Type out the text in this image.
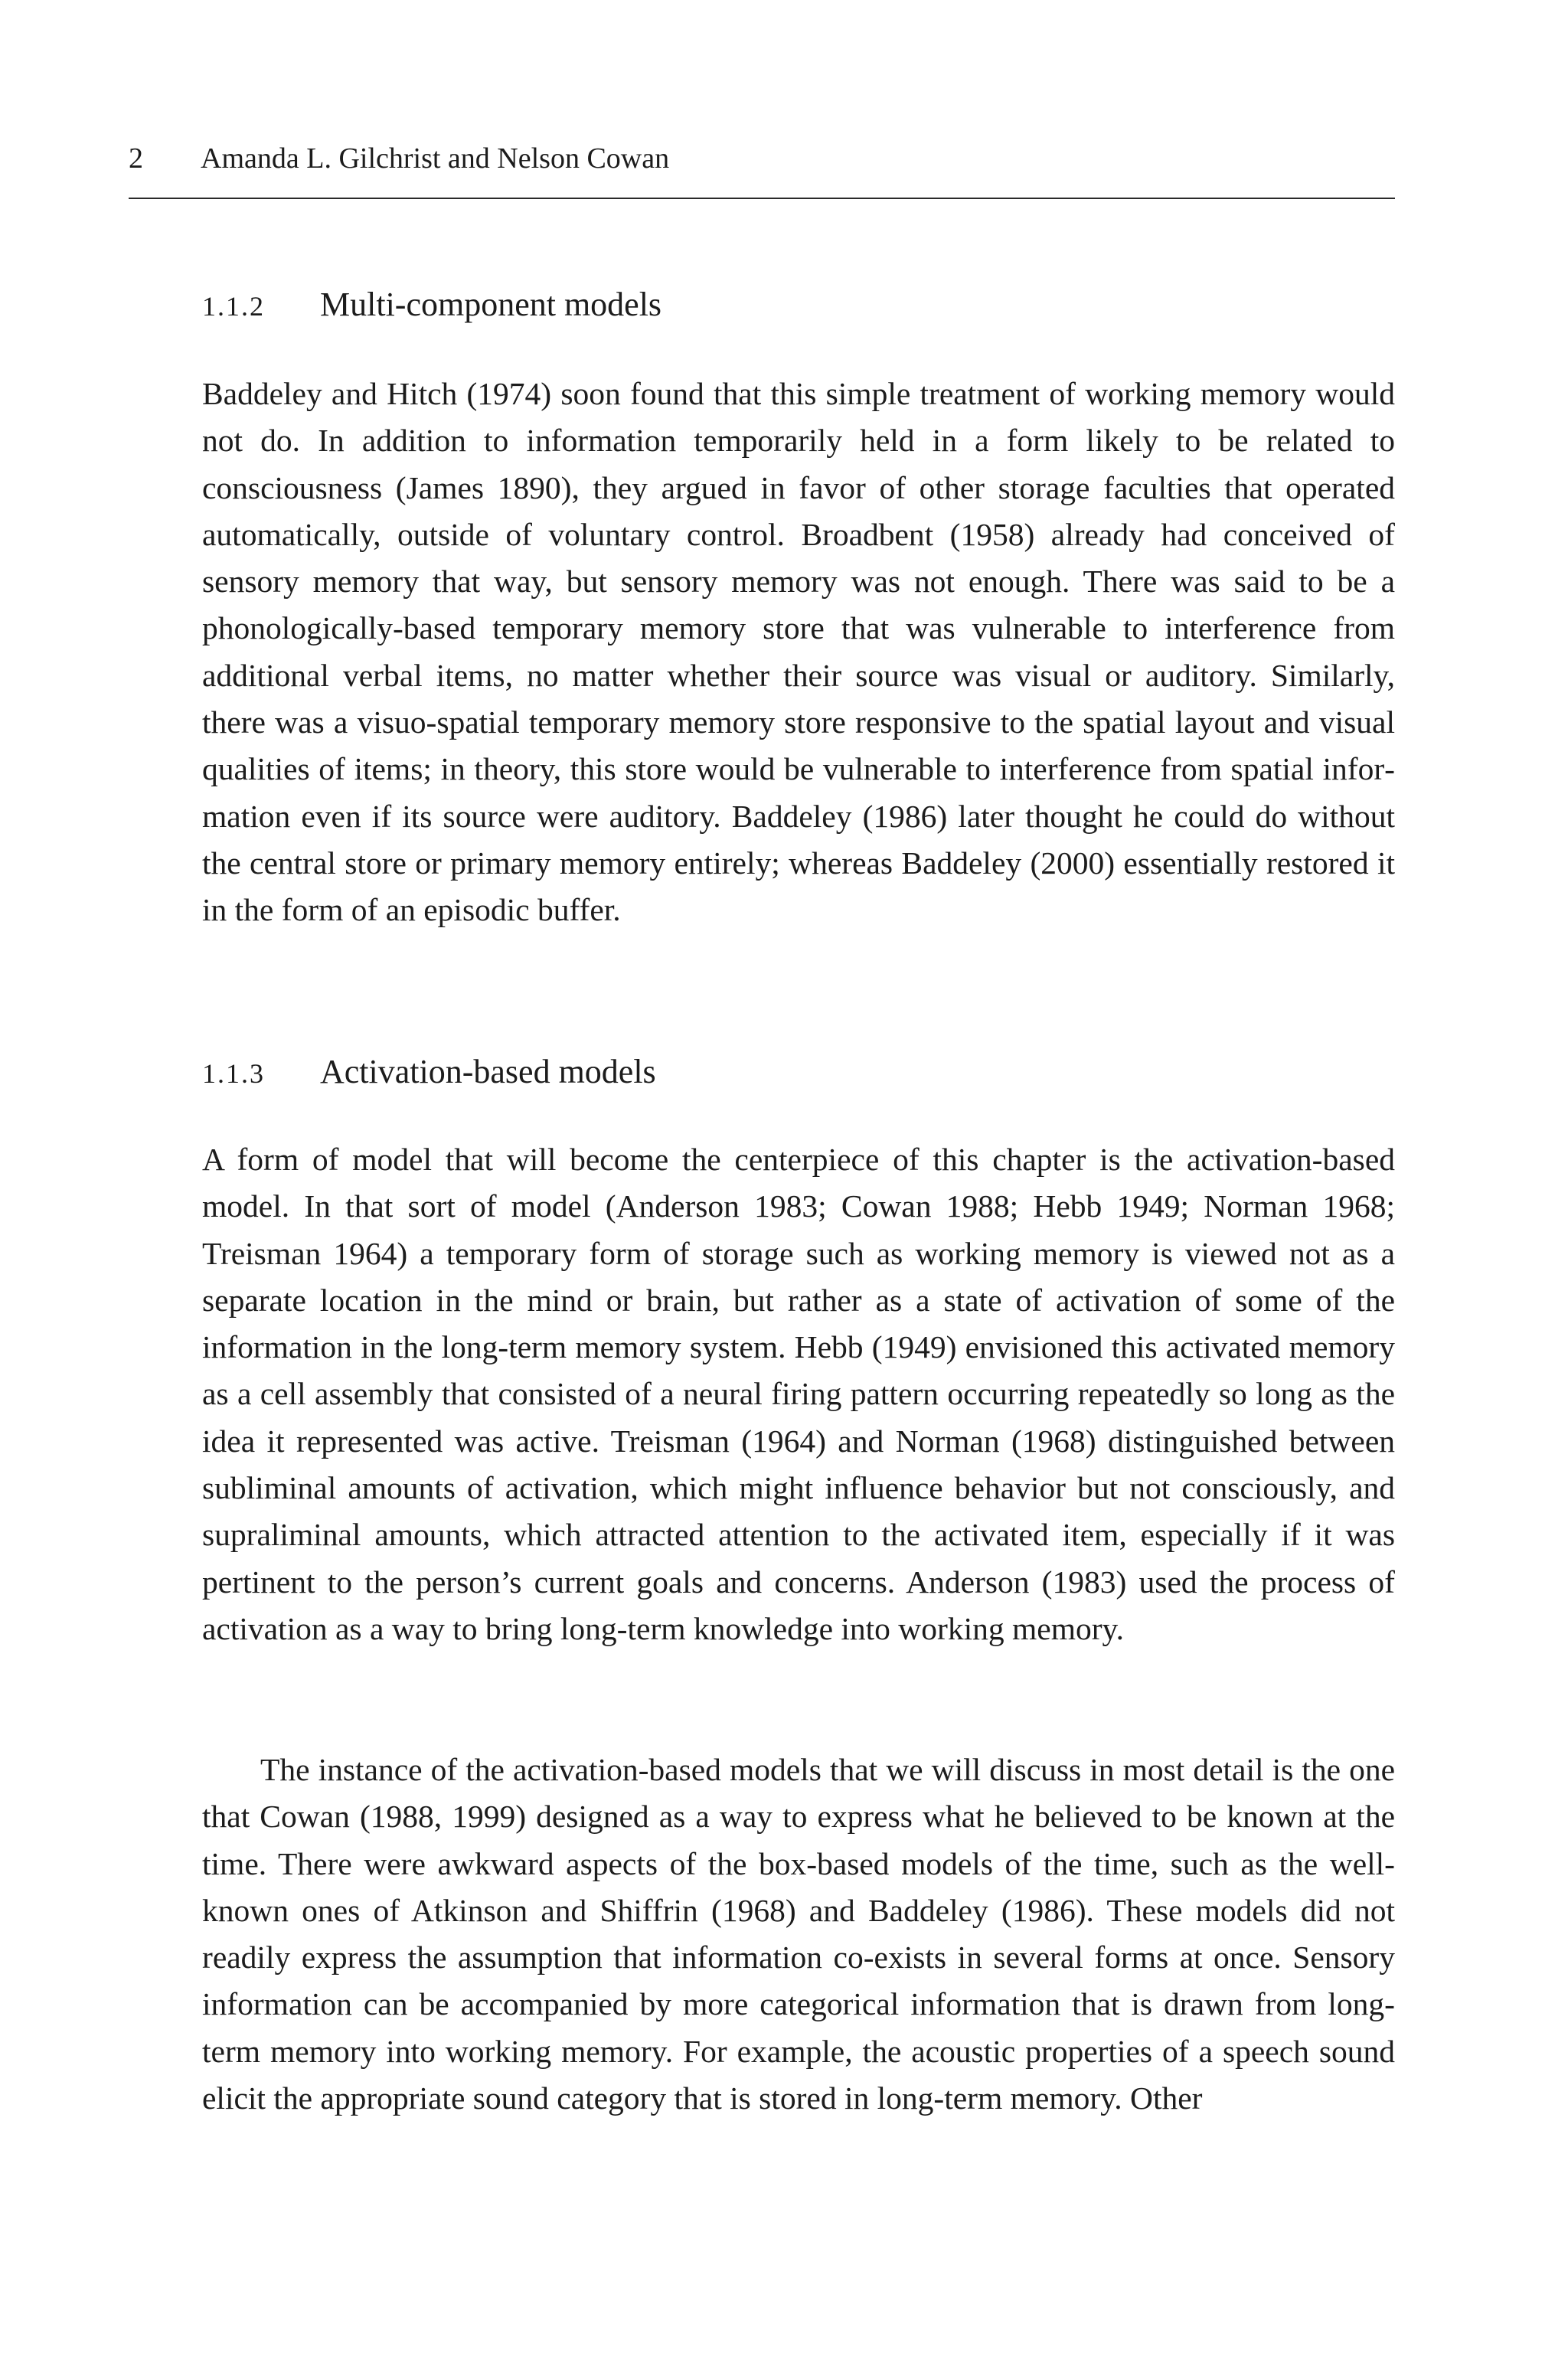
2 Amanda L. Gilchrist and Nelson Cowan
1.1.2 Multi-component models

Baddeley and Hitch (1974) soon found that this simple treatment of working memory would not do. In addition to information temporarily held in a form likely to be related to consciousness (James 1890), they argued in favor of other storage faculties that operated automatically, outside of voluntary control. Broadbent (1958) already had conceived of sensory memory that way, but sensory memory was not enough. There was said to be a phonologically-based temporary memory store that was vulnerable to interference from additional verbal items, no matter whether their source was visual or auditory. Similarly, there was a visuo-spatial temporary memory store responsive to the spatial layout and visual qualities of items; in theory, this store would be vulnerable to interference from spatial information even if its source were auditory. Baddeley (1986) later thought he could do without the central store or primary memory entirely; whereas Baddeley (2000) essentially restored it in the form of an episodic buffer.

1.1.3 Activation-based models

A form of model that will become the centerpiece of this chapter is the activation-based model. In that sort of model (Anderson 1983; Cowan 1988; Hebb 1949; Norman 1968; Treisman 1964) a temporary form of storage such as working memory is viewed not as a separate location in the mind or brain, but rather as a state of activation of some of the information in the long-term memory system. Hebb (1949) envisioned this activated memory as a cell assembly that consisted of a neural firing pattern occurring repeatedly so long as the idea it represented was active. Treisman (1964) and Norman (1968) distinguished between subliminal amounts of activation, which might influence behavior but not consciously, and supraliminal amounts, which attracted attention to the activated item, especially if it was pertinent to the person’s current goals and concerns. Anderson (1983) used the process of activation as a way to bring long-term knowledge into working memory.

The instance of the activation-based models that we will discuss in most detail is the one that Cowan (1988, 1999) designed as a way to express what he believed to be known at the time. There were awkward aspects of the box-based models of the time, such as the well-known ones of Atkinson and Shiffrin (1968) and Baddeley (1986). These models did not readily express the assumption that information co-exists in several forms at once. Sensory information can be accompanied by more categorical information that is drawn from long-term memory into working memory. For example, the acoustic properties of a speech sound elicit the appropriate sound category that is stored in long-term memory. Other
